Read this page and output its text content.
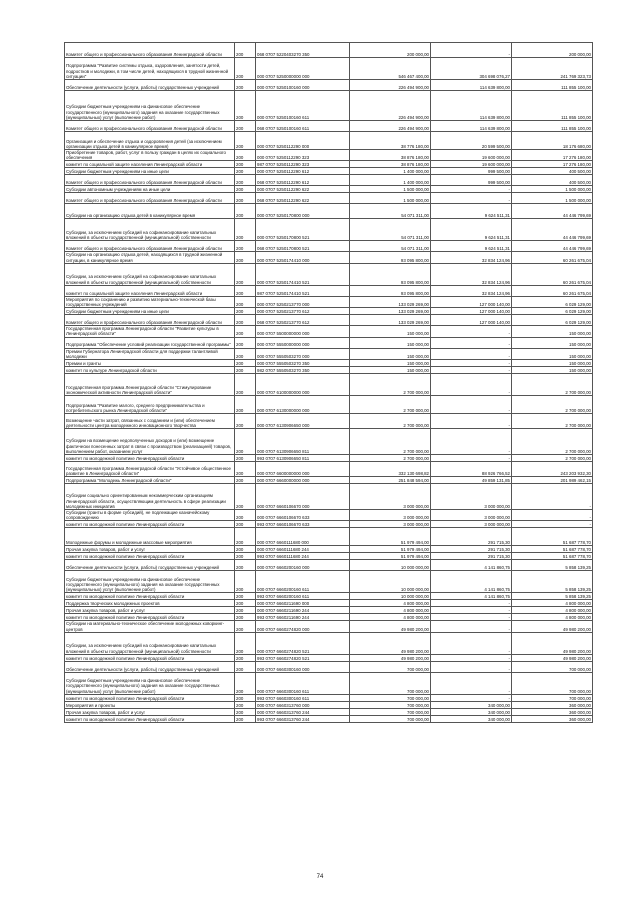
Комитет общего и профессионального образования Ленинградской области	200	068 0707 5220403270 350	200 000,00	-	200 000,00
Подпрограмма "Развитие системы отдыха, оздоровления, занятости детей, подростков и молодежи, в том числе детей, находящихся в трудной жизненной ситуации"	200	000 0707 5250000000 000	546 467 400,00	304 698 076,27	241 769 323,73
Обеспечение деятельности (услуги, работы) государственных учреждений	200	000 0707 5250100160 000	226 494 900,00	114 639 800,00	111 855 100,00
Субсидии бюджетным учреждениям на финансовое обеспечение государственного (муниципального) задания на оказание государственных (муниципальных) услуг (выполнение работ)	200	000 0707 5250100160 611	226 494 900,00	114 639 800,00	111 855 100,00
Комитет общего и профессионального образования Ленинградской области	200	068 0707 5250100160 611	226 494 900,00	114 639 800,00	111 855 100,00
Организация и обеспечение отдыха и оздоровления детей (за исключением организации отдыха детей в каникулярное время)	200	000 0707 5250112290 000	38 776 180,00	20 599 500,00	18 176 680,00
Приобретение товаров, работ, услуг в пользу граждан в целях их социального обеспечения	200	000 0707 5250112290 323	38 876 180,00	19 600 000,00	17 276 180,00
комитет по социальной защите населения Ленинградской области	200	987 0707 5250112290 323	38 876 180,00	19 600 000,00	17 276 180,00
Субсидии бюджетным учреждениям на иные цели	200	000 0707 5250112290 612	1 400 000,00	999 500,00	400 500,00
Комитет общего и профессионального образования Ленинградской области	200	068 0707 5250112290 612	1 400 000,00	999 500,00	400 500,00
Субсидии автономным учреждениям на иные цели	200	000 0707 5250112290 622	1 500 000,00	-	1 500 000,00
Комитет общего и профессионального образования Ленинградской области	200	068 0707 5250112290 622	1 500 000,00	-	1 500 000,00
Субсидии на организацию отдыха детей в каникулярное время	200	000 0707 5250170800 000	54 071 311,00	9 624 511,31	44 446 799,69
Субсидии, за исключением субсидий на софинансирование капитальных вложений в объекты государственной (муниципальной) собственности	200	000 0707 5250170800 521	54 071 311,00	9 624 511,31	44 446 799,69
Комитет общего и профессионального образования Ленинградской области	200	068 0707 5250170800 521	54 071 311,00	9 624 511,31	44 446 799,69
Субсидии на организацию отдыха детей, находящихся в трудной жизненной ситуации, в каникулярное время	200	000 0707 5250174410 000	93 095 800,00	32 834 124,96	60 261 675,04
Субсидии, за исключением субсидий на софинансирование капитальных вложений в объекты государственной (муниципальной) собственности	200	000 0707 5250174410 521	93 095 800,00	32 834 124,96	60 261 675,04
комитет по социальной защите населения Ленинградской области	200	987 0707 5250174410 521	93 095 800,00	32 834 124,96	60 261 675,04
Мероприятия по сохранению и развитию материально-технической базы государственных учреждений	200	000 0707 5250213770 000	133 029 269,00	127 000 140,00	6 029 129,00
Субсидии бюджетным учреждениям на иные цели	200	000 0707 5250213770 612	133 029 269,00	127 000 140,00	6 029 129,00
Комитет общего и профессионального образования Ленинградской области	200	068 0707 5250213770 612	133 029 269,00	127 000 140,00	6 029 129,00
Государственная программа Ленинградской области "Развитие культуры в Ленинградской области"	200	000 0707 5500000000 000	150 000,00	-	150 000,00
Подпрограмма "Обеспечение условий реализации государственной программы"	200	000 0707 5550000000 000	150 000,00	-	150 000,00
Премии Губернатора Ленинградской области для поддержки талантливой молодежи	200	000 0707 5550503270 000	150 000,00	-	150 000,00
Премии и гранты	200	000 0707 5550503270 350	150 000,00	-	150 000,00
комитет по культуре Ленинградской области	200	982 0707 5550503270 350	150 000,00	-	150 000,00
Государственная программа Ленинградской области "Стимулирование экономической активности Ленинградской области"	200	000 0707 6100000000 000	2 700 000,00	-	2 700 000,00
Подпрограмма "Развитие малого, среднего предпринимательства и потребительского рынка Ленинградской области"	200	000 0707 6130000000 000	2 700 000,00	-	2 700 000,00
Возмещение части затрат, связанных с созданием и (или) обеспечением деятельности центра молодежного инновационного творчества	200	000 0707 6130906650 000	2 700 000,00	-	2 700 000,00
Субсидии на возмещение недополученных доходов и (или) возмещение фактически понесенных затрат в связи с производством (реализацией) товаров, выполнением работ, оказанием услуг	200	000 0707 6130906650 811	2 700 000,00	-	2 700 000,00
комитет по молодежной политике Ленинградской области	200	993 0707 6130906650 811	2 700 000,00	-	2 700 000,00
Государственная программа Ленинградской области "Устойчивое общественное развитие в Ленинградской области"	200	000 0707 6600000000 000	332 130 698,82	88 926 766,52	243 203 932,30
Подпрограмма "Молодежь Ленинградской области"	200	000 0707 6660000000 000	251 848 594,00	49 859 131,85	201 989 462,15
Субсидии социально ориентированным некоммерческим организациям Ленинградской области, осуществляющим деятельность в сфере реализации молодежных инициатив	200	000 0707 6660106670 000	3 000 000,00	3 000 000,00	-
Субсидии (гранты в форме субсидий), не подлежащие казначейскому сопровождению	200	000 0707 6660106670 633	3 000 000,00	3 000 000,00	-
комитет по молодежной политике Ленинградской области	200	993 0707 6660106670 633	3 000 000,00	3 000 000,00	-
Молодежные форумы и молодежные массовые мероприятия	200	000 0707 6660111680 000	51 979 494,00	291 715,30	51 687 778,70
Прочая закупка товаров, работ и услуг	200	000 0707 6660111680 244	51 979 494,00	291 715,30	51 687 778,70
комитет по молодежной политике Ленинградской области	200	993 0707 6660111680 244	51 979 494,00	291 715,30	51 687 778,70
Обеспечение деятельности (услуги, работы) государственных учреждений	200	000 0707 6660200160 000	10 000 000,00	4 141 860,75	5 858 139,25
Субсидии бюджетным учреждениям на финансовое обеспечение государственного (муниципального) задания на оказание государственных (муниципальных) услуг (выполнение работ)	200	000 0707 6660200160 611	10 000 000,00	4 141 860,75	5 858 139,25
комитет по молодежной политике Ленинградской области	200	993 0707 6660200160 611	10 000 000,00	4 141 860,75	5 858 139,25
Поддержка творческих молодежных проектов	200	000 0707 6660211690 000	4 800 000,00	-	4 800 000,00
Прочая закупка товаров, работ и услуг	200	000 0707 6660211690 244	4 800 000,00	-	4 800 000,00
комитет по молодежной политике Ленинградской области	200	993 0707 6660211690 244	4 800 000,00	-	4 800 000,00
Субсидии на материально-техническое обеспечение молодежных коворкинг-центров	200	000 0707 6660274820 000	49 980 200,00	-	49 980 200,00
Субсидии, за исключением субсидий на софинансирование капитальных вложений в объекты государственной (муниципальной) собственности	200	000 0707 6660274820 521	49 980 200,00	-	49 980 200,00
комитет по молодежной политике Ленинградской области	200	993 0707 6660274820 521	49 980 200,00	-	49 980 200,00
Обеспечение деятельности (услуги, работы) государственных учреждений	200	000 0707 6660300160 000	700 000,00	-	700 000,00
Субсидии бюджетным учреждениям на финансовое обеспечение государственного (муниципального) задания на оказание государственных (муниципальных) услуг (выполнение работ)	200	000 0707 6660300160 611	700 000,00	-	700 000,00
комитет по молодежной политике Ленинградской области	200	993 0707 6660300160 611	700 000,00	-	700 000,00
Мероприятия и проекты	200	000 0707 6660313760 000	700 000,00	340 000,00	360 000,00
Прочая закупка товаров, работ и услуг	200	000 0707 6660313760 244	700 000,00	340 000,00	360 000,00
комитет по молодежной политике Ленинградской области	200	993 0707 6660313760 244	700 000,00	340 000,00	360 000,00
74
